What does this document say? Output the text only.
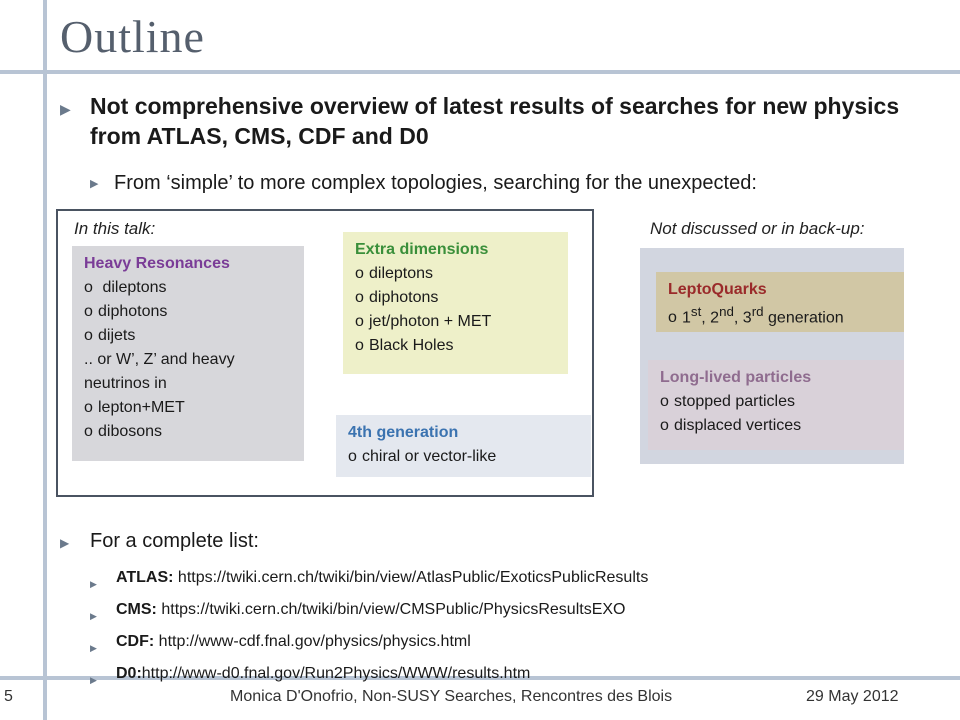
Outline
▶ Not comprehensive overview of latest results of searches for new physics from ATLAS, CMS, CDF and D0
▶ From ‘simple’ to more complex topologies, searching for the unexpected:
In this talk:	Not discussed or in back-up:
Heavy Resonances
o dileptons
o diphotons
o dijets
.. or W’, Z’ and heavy neutrinos in
o lepton+MET
o dibosons
Extra dimensions
o dileptons
o diphotons
o jet/photon + MET
o Black Holes
4th generation
o chiral or vector-like
LeptoQuarks
o 1st, 2nd, 3rd generation
Long-lived particles
o stopped particles
o displaced vertices
▶ For a complete list:
▶ ATLAS: https://twiki.cern.ch/twiki/bin/view/AtlasPublic/ExoticsPublicResults
▶ CMS: https://twiki.cern.ch/twiki/bin/view/CMSPublic/PhysicsResultsEXO
▶ CDF: http://www-cdf.fnal.gov/physics/physics.html
▶ D0:http://www-d0.fnal.gov/Run2Physics/WWW/results.htm
5	Monica D'Onofrio, Non-SUSY Searches, Rencontres des Blois	29 May 2012
